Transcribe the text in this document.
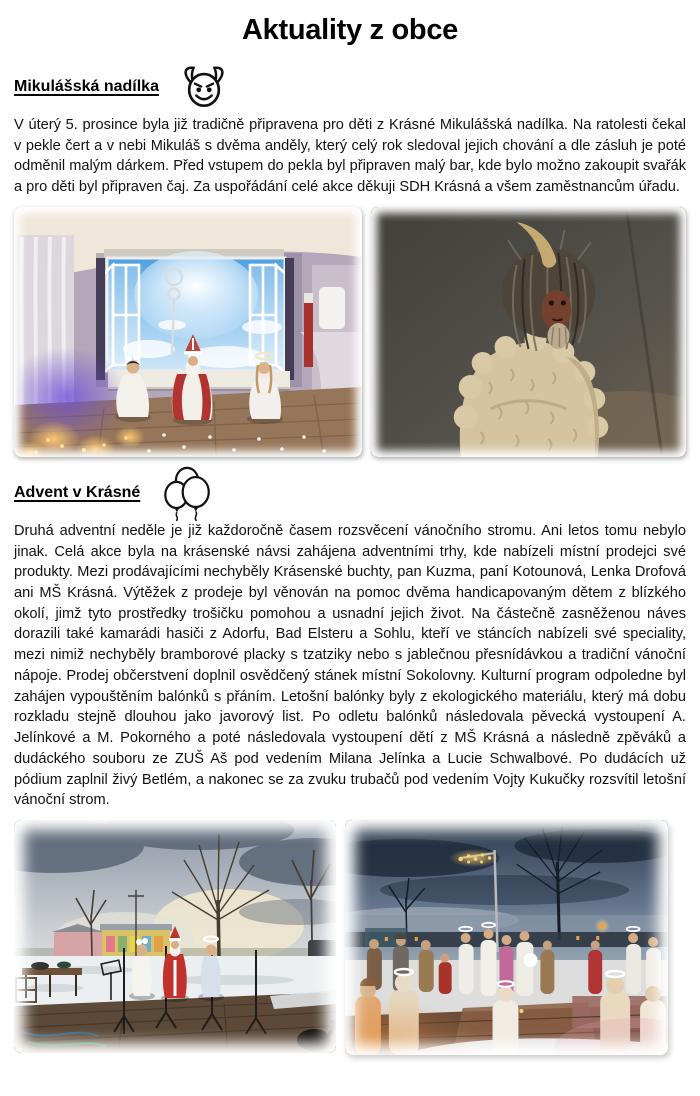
Aktuality z obce
Mikulášská nadílka

V úterý 5. prosince byla již tradičně připravena pro děti z Krásné Mikulášská nadílka. Na ratolesti čekal v pekle čert a v nebi Mikuláš s dvěma anděly, který celý rok sledoval jejich chování a dle zásluh je poté odměnil malým dárkem. Před vstupem do pekla byl připraven malý bar, kde bylo možno zakoupit svařák a pro děti byl připraven čaj. Za uspořádání celé akce děkuji SDH Krásná a všem zaměstnancům úřadu.

Advent v Krásné

Druhá adventní neděle je již každoročně časem rozsvěcení vánočního stromu. Ani letos tomu nebylo jinak. Celá akce byla na krásenské návsi zahájena adventními trhy, kde nabízeli místní prodejci své produkty. Mezi prodávajícími nechyběly Krásenské buchty, pan Kuzma, paní Kotounová, Lenka Drofová ani MŠ Krásná. Výtěžek z prodeje byl věnován na pomoc dvěma handicapovaným dětem z blízkého okolí, jimž tyto prostředky trošičku pomohou a usnadní jejich život. Na částečně zasněženou náves dorazili také kamarádi hasiči z Adorfu, Bad Elsteru a Sohlu, kteří ve stáncích nabízeli své speciality, mezi nimiž nechyběly bramborové placky s tzatziky nebo s jablečnou přesnídávkou a tradiční vánoční nápoje. Prodej občerstvení doplnil osvědčený stánek místní Sokolovny. Kulturní program odpoledne byl zahájen vypouštěním balónků s přáním. Letošní balónky byly z ekologického materiálu, který má dobu rozkladu stejně dlouhou jako javorový list. Po odletu balónků následovala pěvecká vystoupení A. Jelínkové a M. Pokorného a poté následovala vystoupení dětí z MŠ Krásná a následně zpěváků a dudáckého souboru ze ZUŠ Aš pod vedením Milana Jelínka a Lucie Schwalbové. Po dudácích už pódium zaplnil živý Betlém, a nakonec se za zvuku trubačů pod vedením Vojty Kukučky rozsvítil letošní vánoční strom.
